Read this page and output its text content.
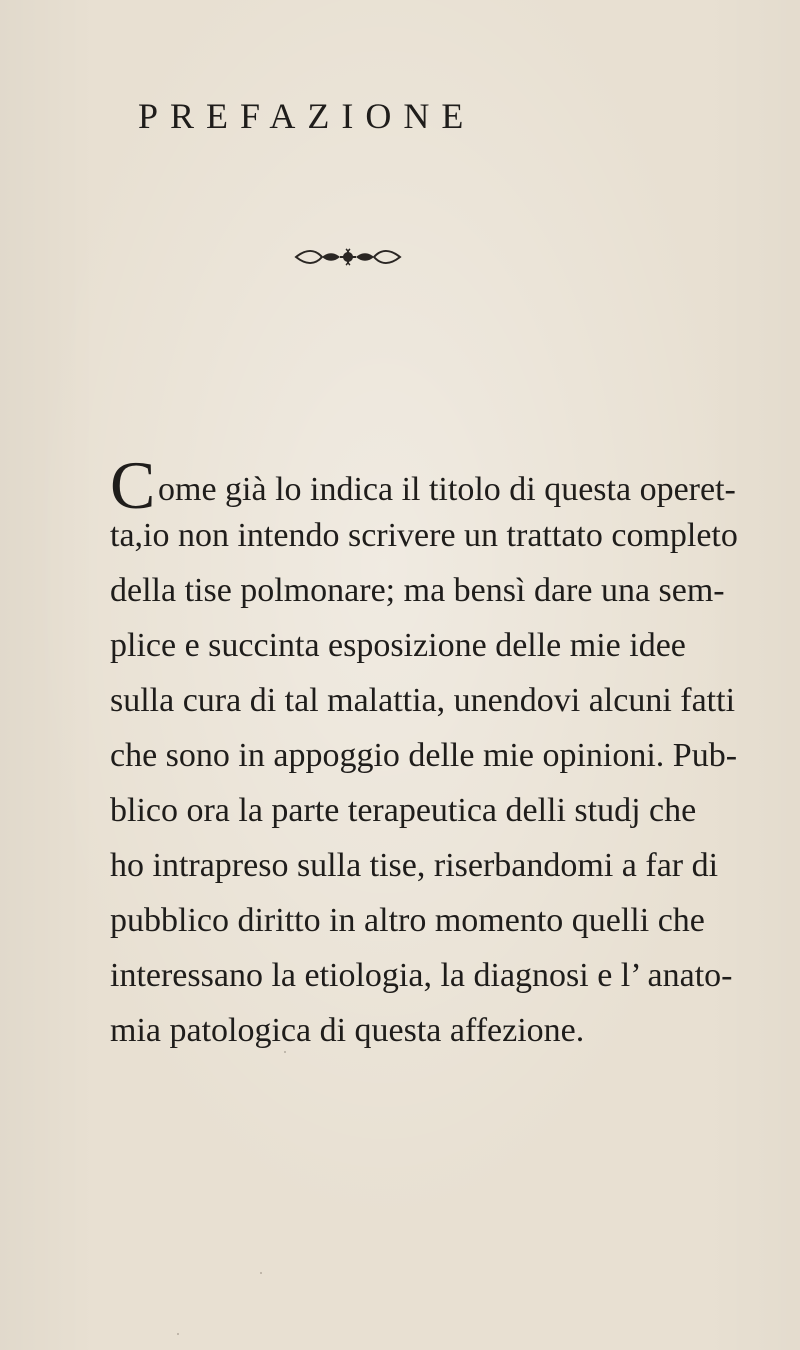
PREFAZIONE
C ome già lo indica il titolo di questa operet-
ta,io non intendo scrivere un trattato completo
della tise polmonare; ma bensì dare una sem-
plice e succinta esposizione delle mie idee
sulla cura di tal malattia, unendovi alcuni fatti
che sono in appoggio delle mie opinioni. Pub-
blico ora la parte terapeutica delli studj che
ho intrapreso sulla tise, riserbandomi a far di
pubblico diritto in altro momento quelli che
interessano la etiologia, la diagnosi e l’ anato-
mia patologica di questa affezione.
